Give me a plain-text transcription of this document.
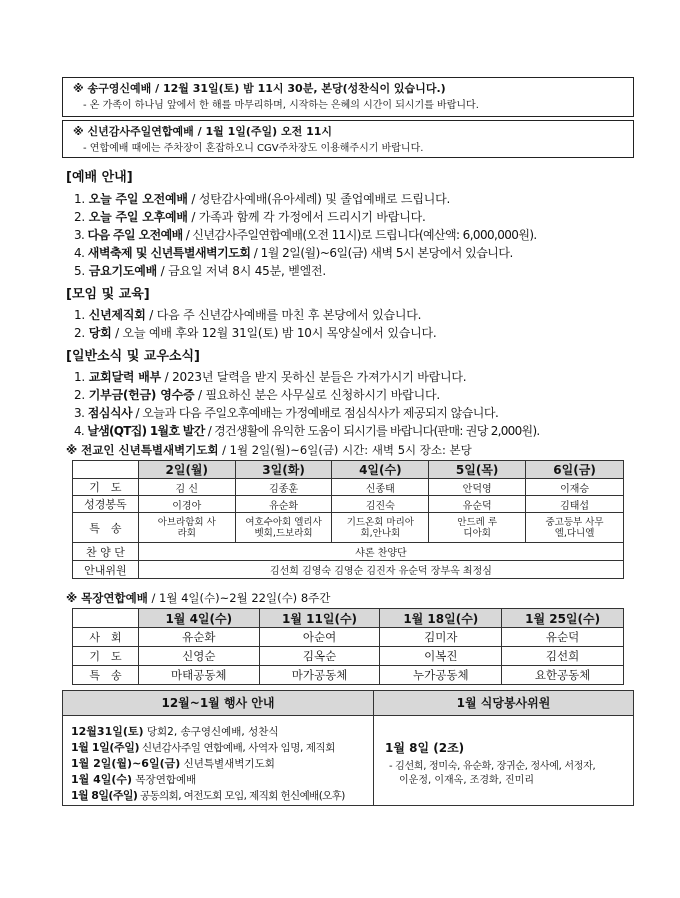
※ 송구영신예배 / 12월 31일(토) 밤 11시 30분, 본당(성찬식이 있습니다.)
- 온 가족이 하나님 앞에서 한 해를 마무리하며, 시작하는 은혜의 시간이 되시기를 바랍니다.
※ 신년감사주일연합예배 / 1월 1일(주일) 오전 11시
- 연합예배 때에는 주차장이 혼잡하오니 CGV주차장도 이용해주시기 바랍니다.
[예배 안내]
1. 오늘 주일 오전예배 / 성탄감사예배(유아세례) 및 졸업예배로 드립니다.
2. 오늘 주일 오후예배 / 가족과 함께 각 가정에서 드리시기 바랍니다.
3. 다음 주일 오전예배 / 신년감사주일연합예배(오전 11시)로 드립니다(예산액: 6,000,000원).
4. 새벽축제 및 신년특별새벽기도회 / 1월 2일(월)~6일(금) 새벽 5시 본당에서 있습니다.
5. 금요기도예배 / 금요일 저녁 8시 45분, 벧엘전.
[모임 및 교육]
1. 신년제직회 / 다음 주 신년감사예배를 마친 후 본당에서 있습니다.
2. 당회 / 오늘 예배 후와 12월 31일(토) 밤 10시 목양실에서 있습니다.
[일반소식 및 교우소식]
1. 교회달력 배부 / 2023년 달력을 받지 못하신 분들은 가져가시기 바랍니다.
2. 기부금(헌금) 영수증 / 필요하신 분은 사무실로 신청하시기 바랍니다.
3. 점심식사 / 오늘과 다음 주일오후예배는 가정예배로 점심식사가 제공되지 않습니다.
4. 날샘(QT집) 1월호 발간 / 경건생활에 유익한 도움이 되시기를 바랍니다(판매: 권당 2,000원).
※ 전교인 신년특별새벽기도회 / 1월 2일(월)~6일(금) 시간: 새벽 5시 장소: 본당
	2일(월)	3일(화)	4일(수)	5일(목)	6일(금)
기　도	김 신	김종훈	신종태	안덕영	이재승
성경봉독	이경아	유순화	김진숙	유순덕	김태섭
특　송	아브라함회 사라회	여호수아회 엘리사벳회,드보라회	기드온회 마리아회,안나회	안드레 루디아회	중고등부 사무엘,다니엘
찬 양 단	샤론 찬양단				
안내위원	김선희 김영숙 김영순 김진자 유순덕 장부옥 최정심				
※ 목장연합예배 / 1월 4일(수)~2월 22일(수) 8주간
	1월 4일(수)	1월 11일(수)	1월 18일(수)	1월 25일(수)
사　회	유순화	아순여	김미자	유순덕
기　도	신영순	김옥순	이복진	김선희
특　송	마태공동체	마가공동체	누가공동체	요한공동체
12월~1월 행사 안내	1월 식당봉사위원
12월31일(토) 당회2, 송구영신예배, 성찬식
1월 1일(주일) 신년감사주일 연합예배, 사역자 임명, 제직회
1월 2일(월)~6일(금) 신년특별새벽기도회
1월 4일(수) 목장연합예배
1월 8일(주일) 공동의회, 여전도회 모임, 제직회 헌신예배(오후)
1월 8일 (2조)
- 김선희, 정미숙, 유순화, 장귀순, 정사예, 서정자,
이운정, 이재옥, 조경화, 진미리
